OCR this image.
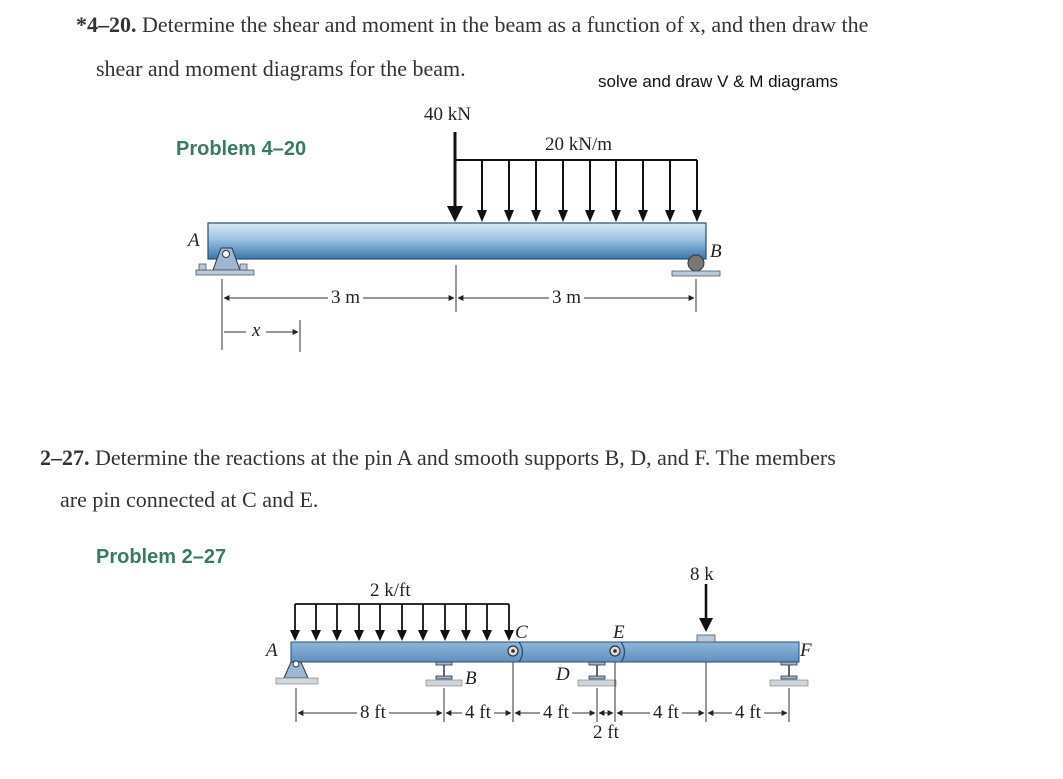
*4–20. Determine the shear and moment in the beam as a function of x, and then draw the
shear and moment diagrams for the beam.
solve and draw V & M diagrams
Problem 4–20
40 kN
20 kN/m
A
B
3 m	3 m
x
2–27. Determine the reactions at the pin A and smooth supports B, D, and F. The members
are pin connected at C and E.
Problem 2–27
2 k/ft
8 k
A
B
C
D
E
F
8 ft	4 ft	4 ft	4 ft	4 ft
2 ft
